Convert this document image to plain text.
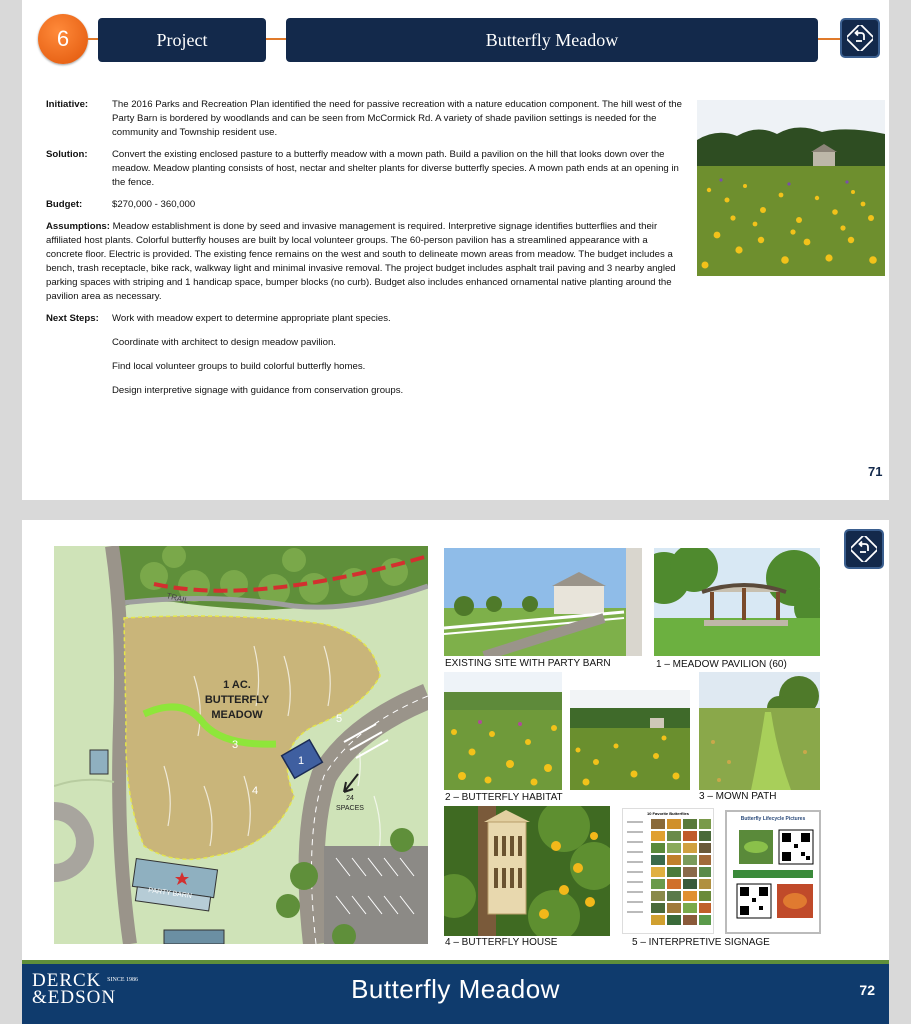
6	Project	Butterfly Meadow
Initiative:	The 2016 Parks and Recreation Plan identified the need for passive recreation with a nature education component. The hill west of the Party Barn is bordered by woodlands and can be seen from McCormick Rd. A variety of shade pavilion settings is needed for the community and Township resident use.
Solution:	Convert the existing enclosed pasture to a butterfly meadow with a mown path. Build a pavilion on the hill that looks down over the meadow. Meadow planting consists of host, nectar and shelter plants for diverse butterfly species. A mown path ends at an opening in the fence.
Budget:	$270,000 - 360,000
Assumptions: Meadow establishment is done by seed and invasive management is required. Interpretive signage identifies butterflies and their affiliated host plants. Colorful butterfly houses are built by local volunteer groups. The 60-person pavilion has a streamlined appearance with a concrete floor. Electric is provided. The existing fence remains on the west and south to delineate mown areas from meadow. The budget includes a bench, trash receptacle, bike rack, walkway light and minimal invasive removal. The project budget includes asphalt trail paving and 3 nearby angled parking spaces with striping and 1 handicap space, bumper blocks (no curb). Budget also includes enhanced ornamental native planting around the pavilion area as necessary.
Next Steps:	Work with meadow expert to determine appropriate plant species.

Coordinate with architect to design meadow pavilion.

Find local volunteer groups to build colorful butterfly homes.

Design interpretive signage with guidance from conservation groups.

71
TRAIL
1 AC.
BUTTERFLY
MEADOW
1
3
4
5
24
SPACES
PARTY BARN
EXISTING SITE WITH PARTY BARN	1 – MEADOW PAVILION (60)
2 – BUTTERFLY HABITAT	3 – MOWN PATH
4 – BUTTERFLY HOUSE
10 Favorite Butterflies
Butterfly Lifecycle Pictures
5 – INTERPRETIVE SIGNAGE
DERCK $^{SINCE 1986}$
&EDSON	Butterfly Meadow	72
